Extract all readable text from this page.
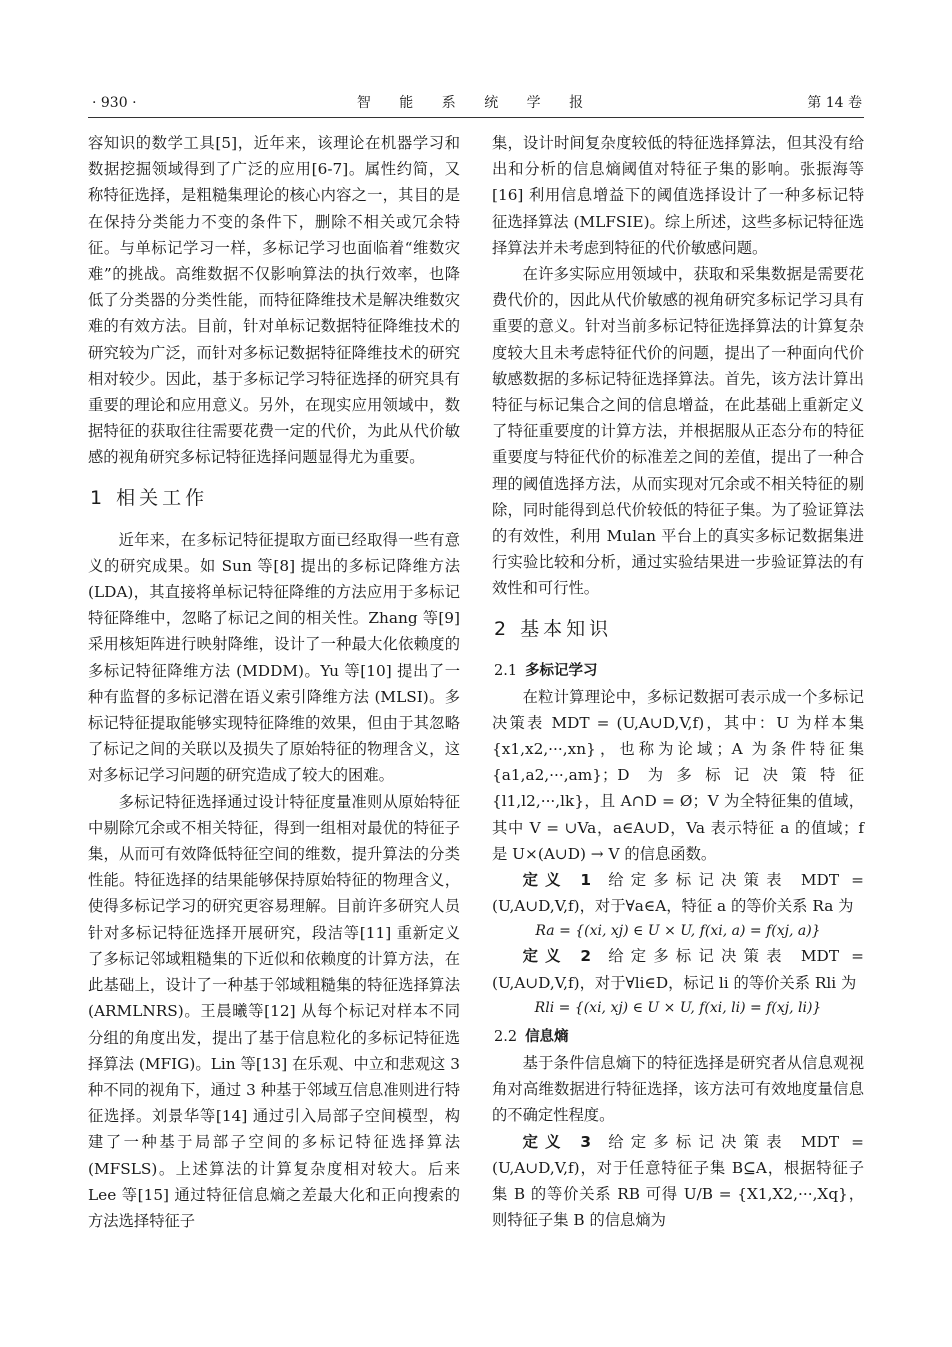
· 930 ·	智 能 系 统 学 报	第 14 卷

容知识的数学工具[5]，近年来，该理论在机器学习和数据挖掘领域得到了广泛的应用[6-7]。属性约简，又称特征选择，是粗糙集理论的核心内容之一，其目的是在保持分类能力不变的条件下，删除不相关或冗余特征。与单标记学习一样，多标记学习也面临着“维数灾难”的挑战。高维数据不仅影响算法的执行效率，也降低了分类器的分类性能，而特征降维技术是解决维数灾难的有效方法。目前，针对单标记数据特征降维技术的研究较为广泛，而针对多标记数据特征降维技术的研究相对较少。因此，基于多标记学习特征选择的研究具有重要的理论和应用意义。另外，在现实应用领域中，数据特征的获取往往需要花费一定的代价，为此从代价敏感的视角研究多标记特征选择问题显得尤为重要。

1 相关工作

近年来，在多标记特征提取方面已经取得一些有意义的研究成果。如 Sun 等[8] 提出的多标记降维方法 (LDA)，其直接将单标记特征降维的方法应用于多标记特征降维中，忽略了标记之间的相关性。Zhang 等[9] 采用核矩阵进行映射降维，设计了一种最大化依赖度的多标记特征降维方法 (MDDM)。Yu 等[10] 提出了一种有监督的多标记潜在语义索引降维方法 (MLSI)。多标记特征提取能够实现特征降维的效果，但由于其忽略了标记之间的关联以及损失了原始特征的物理含义，这对多标记学习问题的研究造成了较大的困难。

多标记特征选择通过设计特征度量准则从原始特征中剔除冗余或不相关特征，得到一组相对最优的特征子集，从而可有效降低特征空间的维数，提升算法的分类性能。特征选择的结果能够保持原始特征的物理含义，使得多标记学习的研究更容易理解。目前许多研究人员针对多标记特征选择开展研究，段洁等[11] 重新定义了多标记邻域粗糙集的下近似和依赖度的计算方法，在此基础上，设计了一种基于邻域粗糙集的特征选择算法 (ARMLNRS)。王晨曦等[12] 从每个标记对样本不同分组的角度出发，提出了基于信息粒化的多标记特征选择算法 (MFIG)。Lin 等[13] 在乐观、中立和悲观这 3 种不同的视角下，通过 3 种基于邻域互信息准则进行特征选择。刘景华等[14] 通过引入局部子空间模型，构建了一种基于局部子空间的多标记特征选择算法 (MFSLS)。上述算法的计算复杂度相对较大。后来 Lee 等[15] 通过特征信息熵之差最大化和正向搜索的方法选择特征子

集，设计时间复杂度较低的特征选择算法，但其没有给出和分析的信息熵阈值对特征子集的影响。张振海等[16] 利用信息增益下的阈值选择设计了一种多标记特征选择算法 (MLFSIE)。综上所述，这些多标记特征选择算法并未考虑到特征的代价敏感问题。

在许多实际应用领域中，获取和采集数据是需要花费代价的，因此从代价敏感的视角研究多标记学习具有重要的意义。针对当前多标记特征选择算法的计算复杂度较大且未考虑特征代价的问题，提出了一种面向代价敏感数据的多标记特征选择算法。首先，该方法计算出特征与标记集合之间的信息增益，在此基础上重新定义了特征重要度的计算方法，并根据服从正态分布的特征重要度与特征代价的标准差之间的差值，提出了一种合理的阈值选择方法，从而实现对冗余或不相关特征的剔除，同时能得到总代价较低的特征子集。为了验证算法的有效性，利用 Mulan 平台上的真实多标记数据集进行实验比较和分析，通过实验结果进一步验证算法的有效性和可行性。

2 基本知识
2.1 多标记学习

在粒计算理论中，多标记数据可表示成一个多标记决策表 MDT = (U,A∪D,V,f)，其中：U 为样本集 {x1,x2,···,xn}，也称为论域；A 为条件特征集 {a1,a2,···,am}；D 为多标记决策特征 {l1,l2,···,lk}，且 A∩D = Ø；V 为全特征集的值域，其中 V = ∪Va，a∈A∪D，Va 表示特征 a 的值域；f 是 U×(A∪D) → V 的信息函数。

定义 1 给定多标记决策表 MDT = (U,A∪D,V,f)，对于∀a∈A，特征 a 的等价关系 Ra 为

Ra = {(xi, xj) ∈ U × U, f(xi, a) = f(xj, a)}

定义 2 给定多标记决策表 MDT = (U,A∪D,V,f)，对于∀li∈D，标记 li 的等价关系 Rli 为

Rli = {(xi, xj) ∈ U × U, f(xi, li) = f(xj, li)}

2.2 信息熵

基于条件信息熵下的特征选择是研究者从信息观视角对高维数据进行特征选择，该方法可有效地度量信息的不确定性程度。

定义 3 给定多标记决策表 MDT = (U,A∪D,V,f)，对于任意特征子集 B⊆A，根据特征子集 B 的等价关系 RB 可得 U/B = {X1,X2,···,Xq}，则特征子集 B 的信息熵为
